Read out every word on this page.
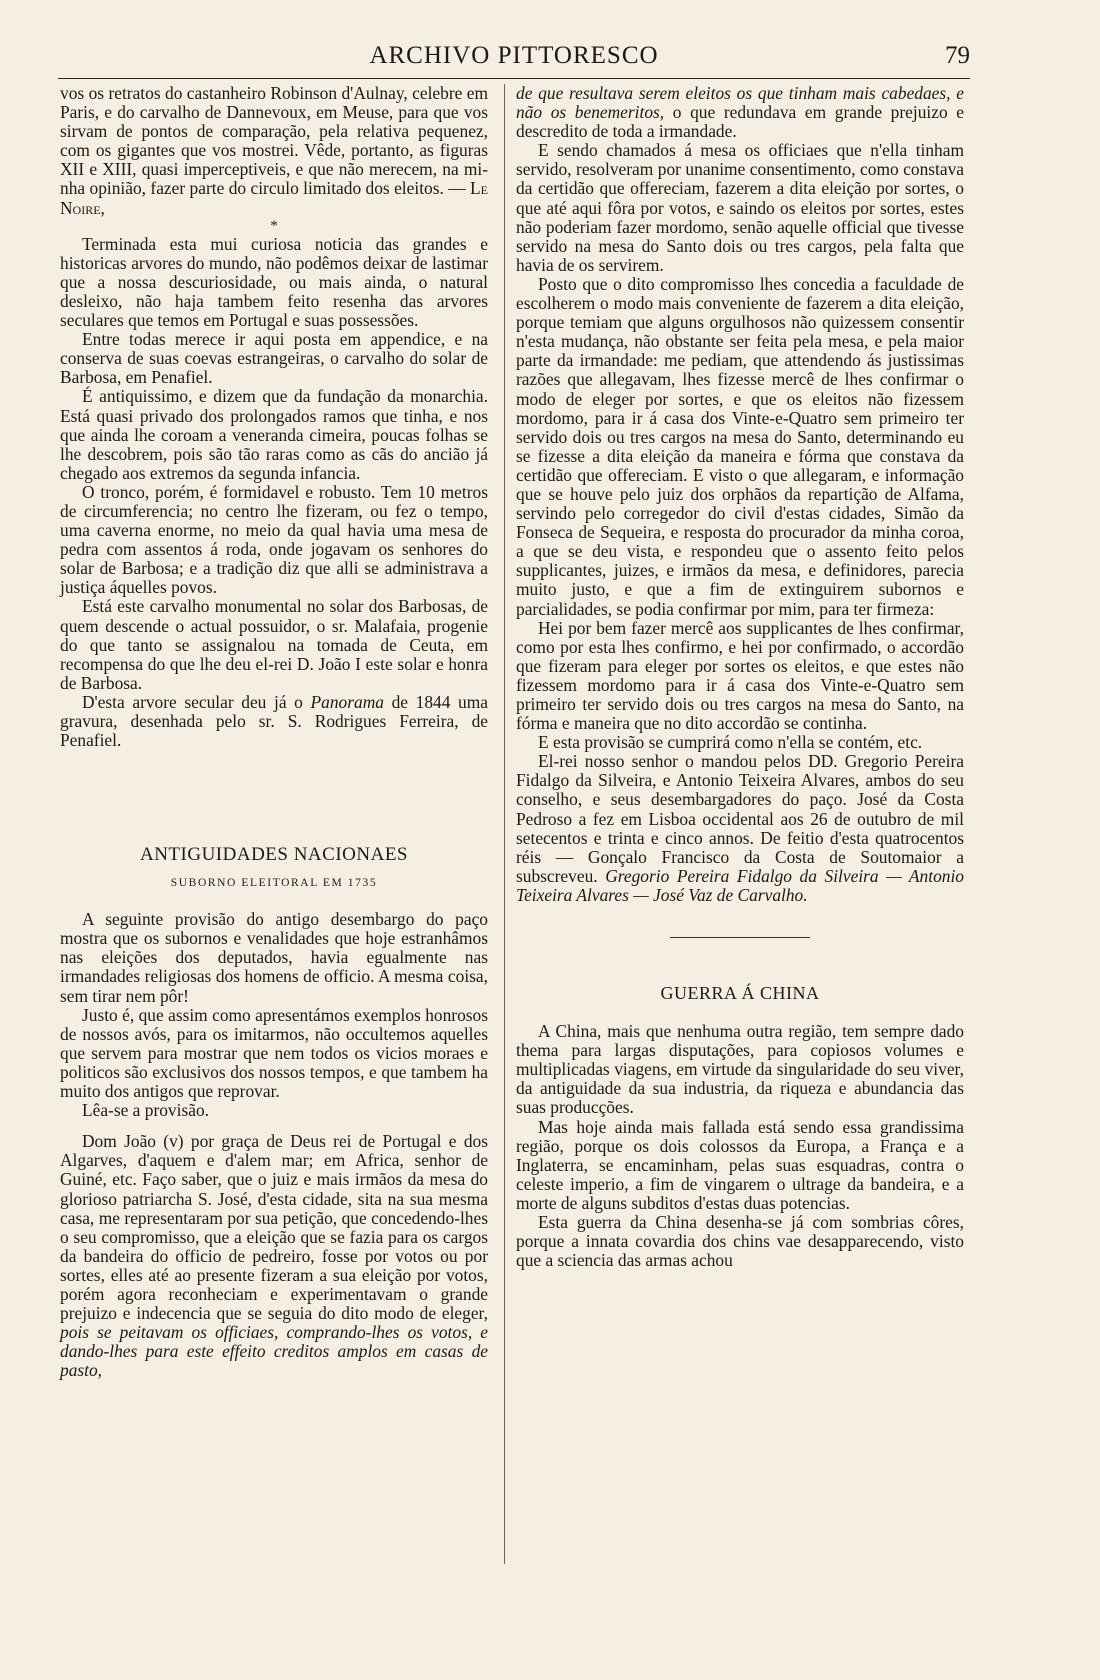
ARCHIVO PITTORESCO	79

vos os retratos do castanheiro Robinson d'Aulnay, celebre em Paris, e do carvalho de Dannevoux, em Meuse, para que vos sirvam de pontos de comparação, pela relativa pequenez, com os gigantes que vos mostrei. Vêde, portanto, as figuras XII e XIII, quasi imperceptiveis, e que não merecem, na minha opinião, fazer parte do circulo limitado dos eleitos. — Le Noire,

*

Terminada esta mui curiosa noticia das grandes e historicas arvores do mundo, não podêmos deixar de lastimar que a nossa descuriosidade, ou mais ainda, o natural desleixo, não haja tambem feito resenha das arvores seculares que temos em Portugal e suas possessões.

Entre todas merece ir aqui posta em appendice, e na conserva de suas coevas estrangeiras, o carvalho do solar de Barbosa, em Penafiel.

É antiquissimo, e dizem que da fundação da monarchia. Está quasi privado dos prolongados ramos que tinha, e nos que ainda lhe coroam a veneranda cimeira, poucas folhas se lhe descobrem, pois são tão raras como as cãs do ancião já chegado aos extremos da segunda infancia.

O tronco, porém, é formidavel e robusto. Tem 10 metros de circumferencia; no centro lhe fizeram, ou fez o tempo, uma caverna enorme, no meio da qual havia uma mesa de pedra com assentos á roda, onde jogavam os senhores do solar de Barbosa; e a tradição diz que alli se administrava a justiça áquelles povos.

Está este carvalho monumental no solar dos Barbosas, de quem descende o actual possuidor, o sr. Malafaia, progenie do que tanto se assignalou na tomada de Ceuta, em recompensa do que lhe deu el-rei D. João I este solar e honra de Barbosa.

D'esta arvore secular deu já o Panorama de 1844 uma gravura, desenhada pelo sr. S. Rodrigues Ferreira, de Penafiel.

ANTIGUIDADES NACIONAES
SUBORNO ELEITORAL EM 1735

A seguinte provisão do antigo desembargo do paço mostra que os subornos e venalidades que hoje estranhâmos nas eleições dos deputados, havia egualmente nas irmandades religiosas dos homens de officio. A mesma coisa, sem tirar nem pôr!

Justo é, que assim como apresentámos exemplos honrosos de nossos avós, para os imitarmos, não occultemos aquelles que servem para mostrar que nem todos os vicios moraes e politicos são exclusivos dos nossos tempos, e que tambem ha muito dos antigos que reprovar.

Lêa-se a provisão.

Dom João (v) por graça de Deus rei de Portugal e dos Algarves, d'aquem e d'alem mar; em Africa, senhor de Guiné, etc. Faço saber, que o juiz e mais irmãos da mesa do glorioso patriarcha S. José, d'esta cidade, sita na sua mesma casa, me representaram por sua petição, que concedendo-lhes o seu compromisso, que a eleição que se fazia para os cargos da bandeira do officio de pedreiro, fosse por votos ou por sortes, elles até ao presente fizeram a sua eleição por votos, porém agora reconheciam e experimentavam o grande prejuizo e indecencia que se seguia do dito modo de eleger, pois se peitavam os officiaes, comprando-lhes os votos, e dando-lhes para este effeito creditos amplos em casas de pasto,

de que resultava serem eleitos os que tinham mais cabedaes, e não os benemeritos, o que redundava em grande prejuizo e descredito de toda a irmandade.

E sendo chamados á mesa os officiaes que n'ella tinham servido, resolveram por unanime consentimento, como constava da certidão que offereciam, fazerem a dita eleição por sortes, o que até aqui fôra por votos, e saindo os eleitos por sortes, estes não poderiam fazer mordomo, senão aquelle official que tivesse servido na mesa do Santo dois ou tres cargos, pela falta que havia de os servirem.

Posto que o dito compromisso lhes concedia a faculdade de escolherem o modo mais conveniente de fazerem a dita eleição, porque temiam que alguns orgulhosos não quizessem consentir n'esta mudança, não obstante ser feita pela mesa, e pela maior parte da irmandade: me pediam, que attendendo ás justissimas razões que allegavam, lhes fizesse mercê de lhes confirmar o modo de eleger por sortes, e que os eleitos não fizessem mordomo, para ir á casa dos Vinte-e-Quatro sem primeiro ter servido dois ou tres cargos na mesa do Santo, determinando eu se fizesse a dita eleição da maneira e fórma que constava da certidão que offereciam. E visto o que allegaram, e informação que se houve pelo juiz dos orphãos da repartição de Alfama, servindo pelo corregedor do civil d'estas cidades, Simão da Fonseca de Sequeira, e resposta do procurador da minha coroa, a que se deu vista, e respondeu que o assento feito pelos supplicantes, juizes, e irmãos da mesa, e definidores, parecia muito justo, e que a fim de extinguirem subornos e parcialidades, se podia confirmar por mim, para ter firmeza:

Hei por bem fazer mercê aos supplicantes de lhes confirmar, como por esta lhes confirmo, e hei por confirmado, o accordão que fizeram para eleger por sortes os eleitos, e que estes não fizessem mordomo para ir á casa dos Vinte-e-Quatro sem primeiro ter servido dois ou tres cargos na mesa do Santo, na fórma e maneira que no dito accordão se continha.

E esta provisão se cumprirá como n'ella se contém, etc.

El-rei nosso senhor o mandou pelos DD. Gregorio Pereira Fidalgo da Silveira, e Antonio Teixeira Alvares, ambos do seu conselho, e seus desembargadores do paço. José da Costa Pedroso a fez em Lisboa occidental aos 26 de outubro de mil setecentos e trinta e cinco annos. De feitio d'esta quatrocentos réis — Gonçalo Francisco da Costa de Soutomaior a subscreveu. Gregorio Pereira Fidalgo da Silveira — Antonio Teixeira Alvares — José Vaz de Carvalho.

GUERRA Á CHINA

A China, mais que nenhuma outra região, tem sempre dado thema para largas disputações, para copiosos volumes e multiplicadas viagens, em virtude da singularidade do seu viver, da antiguidade da sua industria, da riqueza e abundancia das suas producções.

Mas hoje ainda mais fallada está sendo essa grandissima região, porque os dois colossos da Europa, a França e a Inglaterra, se encaminham, pelas suas esquadras, contra o celeste imperio, a fim de vingarem o ultrage da bandeira, e a morte de alguns subditos d'estas duas potencias.

Esta guerra da China desenha-se já com sombrias côres, porque a innata covardia dos chins vae desapparecendo, visto que a sciencia das armas achou
